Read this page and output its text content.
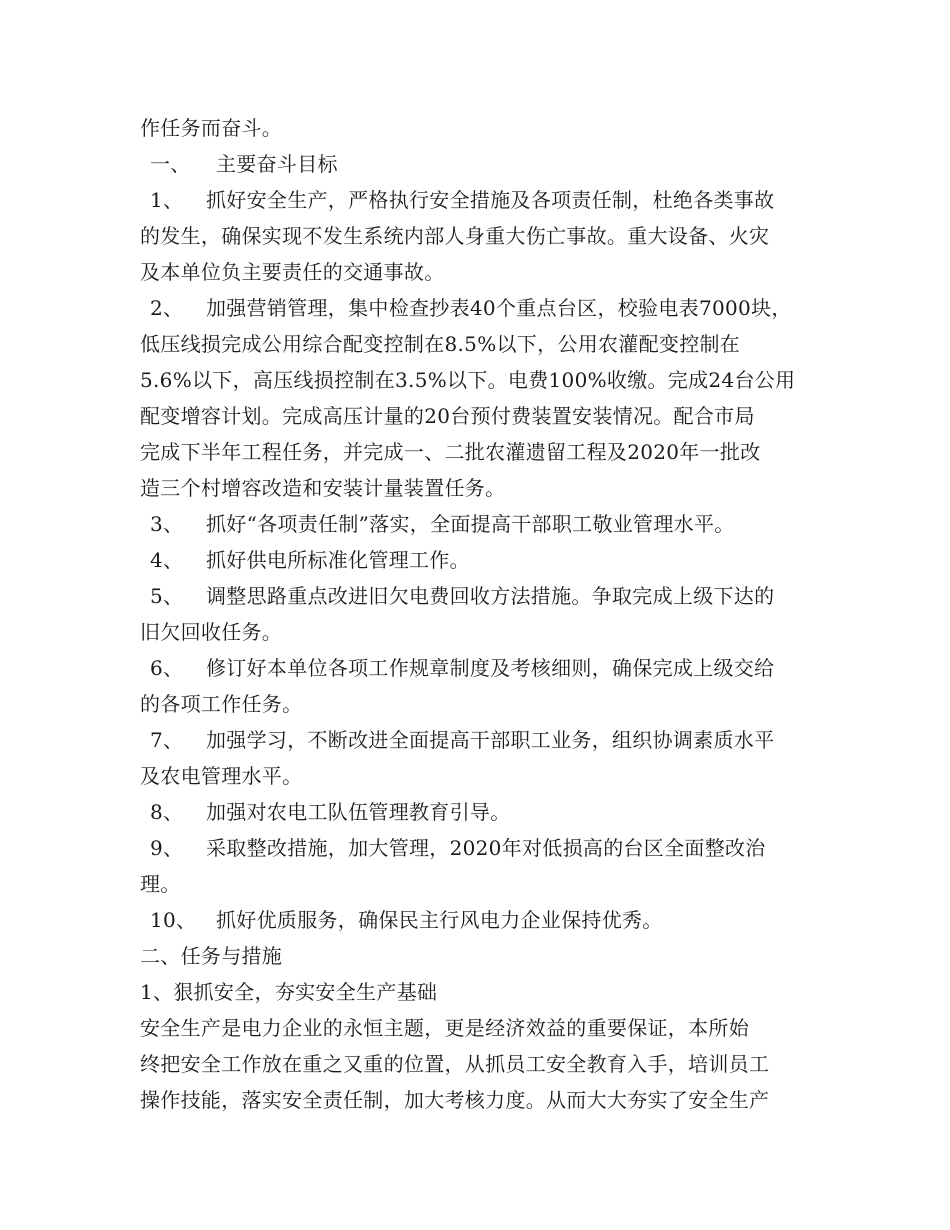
作任务而奋斗。
一、 主要奋斗目标
1、 抓好安全生产，严格执行安全措施及各项责任制，杜绝各类事故
的发生，确保实现不发生系统内部人身重大伤亡事故。重大设备、火灾
及本单位负主要责任的交通事故。
2、 加强营销管理，集中检查抄表40个重点台区，校验电表7000块，
低压线损完成公用综合配变控制在8.5%以下，公用农灌配变控制在
5.6%以下，高压线损控制在3.5%以下。电费100%收缴。完成24台公用
配变增容计划。完成高压计量的20台预付费装置安装情况。配合市局
完成下半年工程任务，并完成一、二批农灌遗留工程及2020年一批改
造三个村增容改造和安装计量装置任务。
3、 抓好“各项责任制”落实，全面提高干部职工敬业管理水平。
4、 抓好供电所标准化管理工作。
5、 调整思路重点改进旧欠电费回收方法措施。争取完成上级下达的
旧欠回收任务。
6、 修订好本单位各项工作规章制度及考核细则，确保完成上级交给
的各项工作任务。
7、 加强学习，不断改进全面提高干部职工业务，组织协调素质水平
及农电管理水平。
8、 加强对农电工队伍管理教育引导。
9、 采取整改措施，加大管理，2020年对低损高的台区全面整改治
理。
10、 抓好优质服务，确保民主行风电力企业保持优秀。
二、任务与措施
1、狠抓安全，夯实安全生产基础
安全生产是电力企业的永恒主题，更是经济效益的重要保证，本所始
终把安全工作放在重之又重的位置，从抓员工安全教育入手，培训员工
操作技能，落实安全责任制，加大考核力度。从而大大夯实了安全生产
